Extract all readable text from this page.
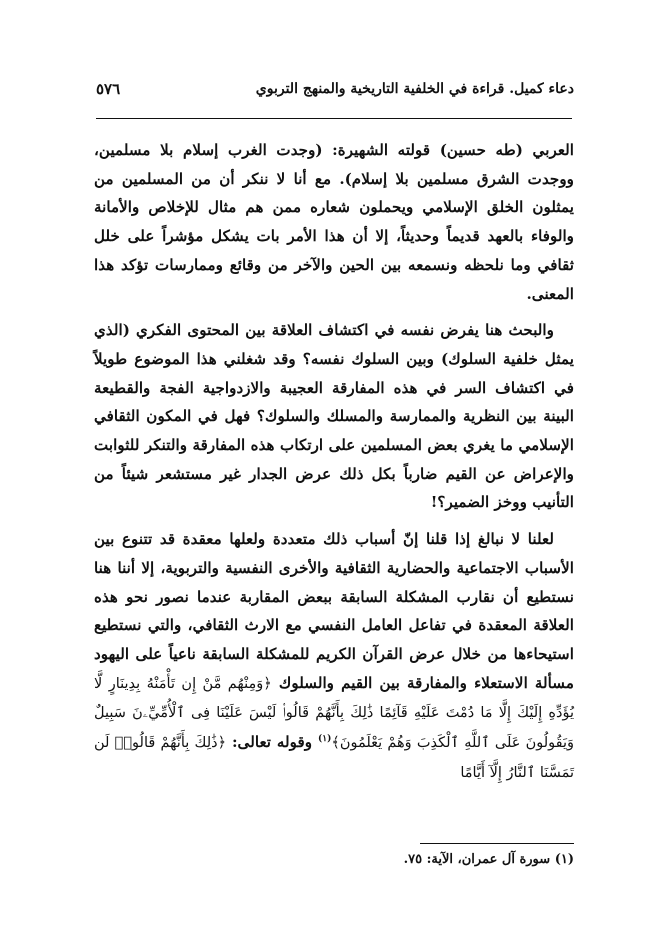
دعاء كميل. قراءة في الخلفية التاريخية والمنهج التربوي
٥٧٦

العربي (طه حسين) قولته الشهيرة: (وجدت الغرب إسلام بلا مسلمين، ووجدت الشرق مسلمين بلا إسلام). مع أنا لا ننكر أن من المسلمين من يمثلون الخلق الإسلامي ويحملون شعاره ممن هم مثال للإخلاص والأمانة والوفاء بالعهد قديماً وحديثاً، إلا أن هذا الأمر بات يشكل مؤشراً على خلل ثقافي وما نلحظه ونسمعه بين الحين والآخر من وقائع وممارسات تؤكد هذا المعنى.

والبحث هنا يفرض نفسه في اكتشاف العلاقة بين المحتوى الفكري (الذي يمثل خلفية السلوك) وبين السلوك نفسه؟ وقد شغلني هذا الموضوع طويلاً في اكتشاف السر في هذه المفارقة العجيبة والازدواجية الفجة والقطيعة البينة بين النظرية والممارسة والمسلك والسلوك؟ فهل في المكون الثقافي الإسلامي ما يغري بعض المسلمين على ارتكاب هذه المفارقة والتنكر للثوابت والإعراض عن القيم ضارباً بكل ذلك عرض الجدار غير مستشعر شيئاً من التأنيب ووخز الضمير؟!

لعلنا لا نبالغ إذا قلنا إنّ أسباب ذلك متعددة ولعلها معقدة قد تتنوع بين الأسباب الاجتماعية والحضارية الثقافية والأخرى النفسية والتربوية، إلا أننا هنا نستطيع أن نقارب المشكلة السابقة ببعض المقاربة عندما نصور نحو هذه العلاقة المعقدة في تفاعل العامل النفسي مع الارث الثقافي، والتي نستطيع استيحاءها من خلال عرض القرآن الكريم للمشكلة السابقة ناعياً على اليهود مسألة الاستعلاء والمفارقة بين القيم والسلوك ﴿وَمِنْهُم مَّنْ إِن تَأْمَنْهُ بِدِينَارٍ لَّا يُؤَدِّهِ إِلَيْكَ إِلَّا مَا دُمْتَ عَلَيْهِ قَآئِمًا ذَٰلِكَ بِأَنَّهُمْ قَالُوا۟ لَيْسَ عَلَيْنَا فِى ٱلْأُمِّيِّۦنَ سَبِيلٌ وَيَقُولُونَ عَلَى ٱللَّهِ ٱلْكَذِبَ وَهُمْ يَعْلَمُونَ﴾$^{(١)}$ وقوله تعالى: ﴿ذَٰلِكَ بِأَنَّهُمْ قَالُوا۟ لَن تَمَسَّنَا ٱلنَّارُ إِلَّآ أَيَّامًا

(١) سورة آل عمران، الآية: ٧٥.
